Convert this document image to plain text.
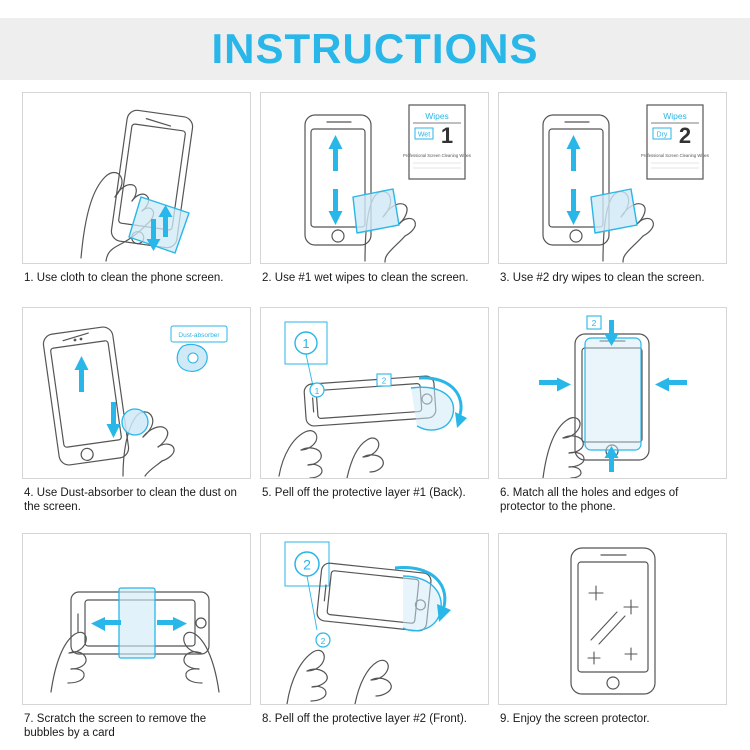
INSTRUCTIONS
1. Use cloth to clean the phone screen.
Wipes
Wet 1
Professional Screen Cleaning Wipes
2. Use #1 wet wipes to clean the screen.
Wipes
Dry 2
Professional Screen Cleaning Wipes
3. Use #2 dry wipes to clean the screen.
Dust-absorber
4. Use Dust-absorber to clean the dust on the screen.
1
1
2
5. Pell off the protective layer #1 (Back).
2
6. Match all the holes and edges of protector to the phone.
7. Scratch the screen to remove the bubbles by a card
2
2
8. Pell off the protective layer #2 (Front).	9. Enjoy the screen protector.
